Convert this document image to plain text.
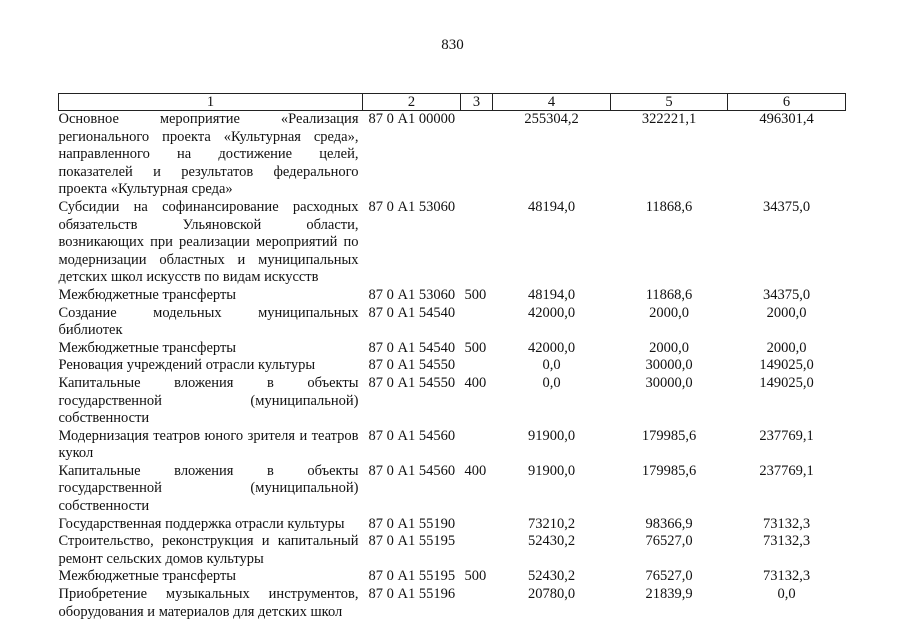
830
1	2	3	4	5	6
Основное мероприятие «Реализация регионального проекта «Культурная среда», направленного на достижение целей, показателей и результатов федерального проекта «Культурная среда»	87 0 А1 00000		255304,2	322221,1	496301,4
Субсидии на софинансирование расходных обязательств Ульяновской области, возникающих при реализации мероприятий по модернизации областных и муниципальных детских школ искусств по видам искусств	87 0 А1 53060		48194,0	11868,6	34375,0
Межбюджетные трансферты	87 0 А1 53060	500	48194,0	11868,6	34375,0
Создание модельных муниципальных библиотек	87 0 А1 54540		42000,0	2000,0	2000,0
Межбюджетные трансферты	87 0 А1 54540	500	42000,0	2000,0	2000,0
Реновация учреждений отрасли культуры	87 0 А1 54550		0,0	30000,0	149025,0
Капитальные вложения в объекты государственной (муниципальной) собственности	87 0 А1 54550	400	0,0	30000,0	149025,0
Модернизация театров юного зрителя и театров кукол	87 0 А1 54560		91900,0	179985,6	237769,1
Капитальные вложения в объекты государственной (муниципальной) собственности	87 0 А1 54560	400	91900,0	179985,6	237769,1
Государственная поддержка отрасли культуры	87 0 А1 55190		73210,2	98366,9	73132,3
Строительство, реконструкция и капитальный ремонт сельских домов культуры	87 0 А1 55195		52430,2	76527,0	73132,3
Межбюджетные трансферты	87 0 А1 55195	500	52430,2	76527,0	73132,3
Приобретение музыкальных инструментов, оборудования и материалов для детских школ	87 0 А1 55196		20780,0	21839,9	0,0
